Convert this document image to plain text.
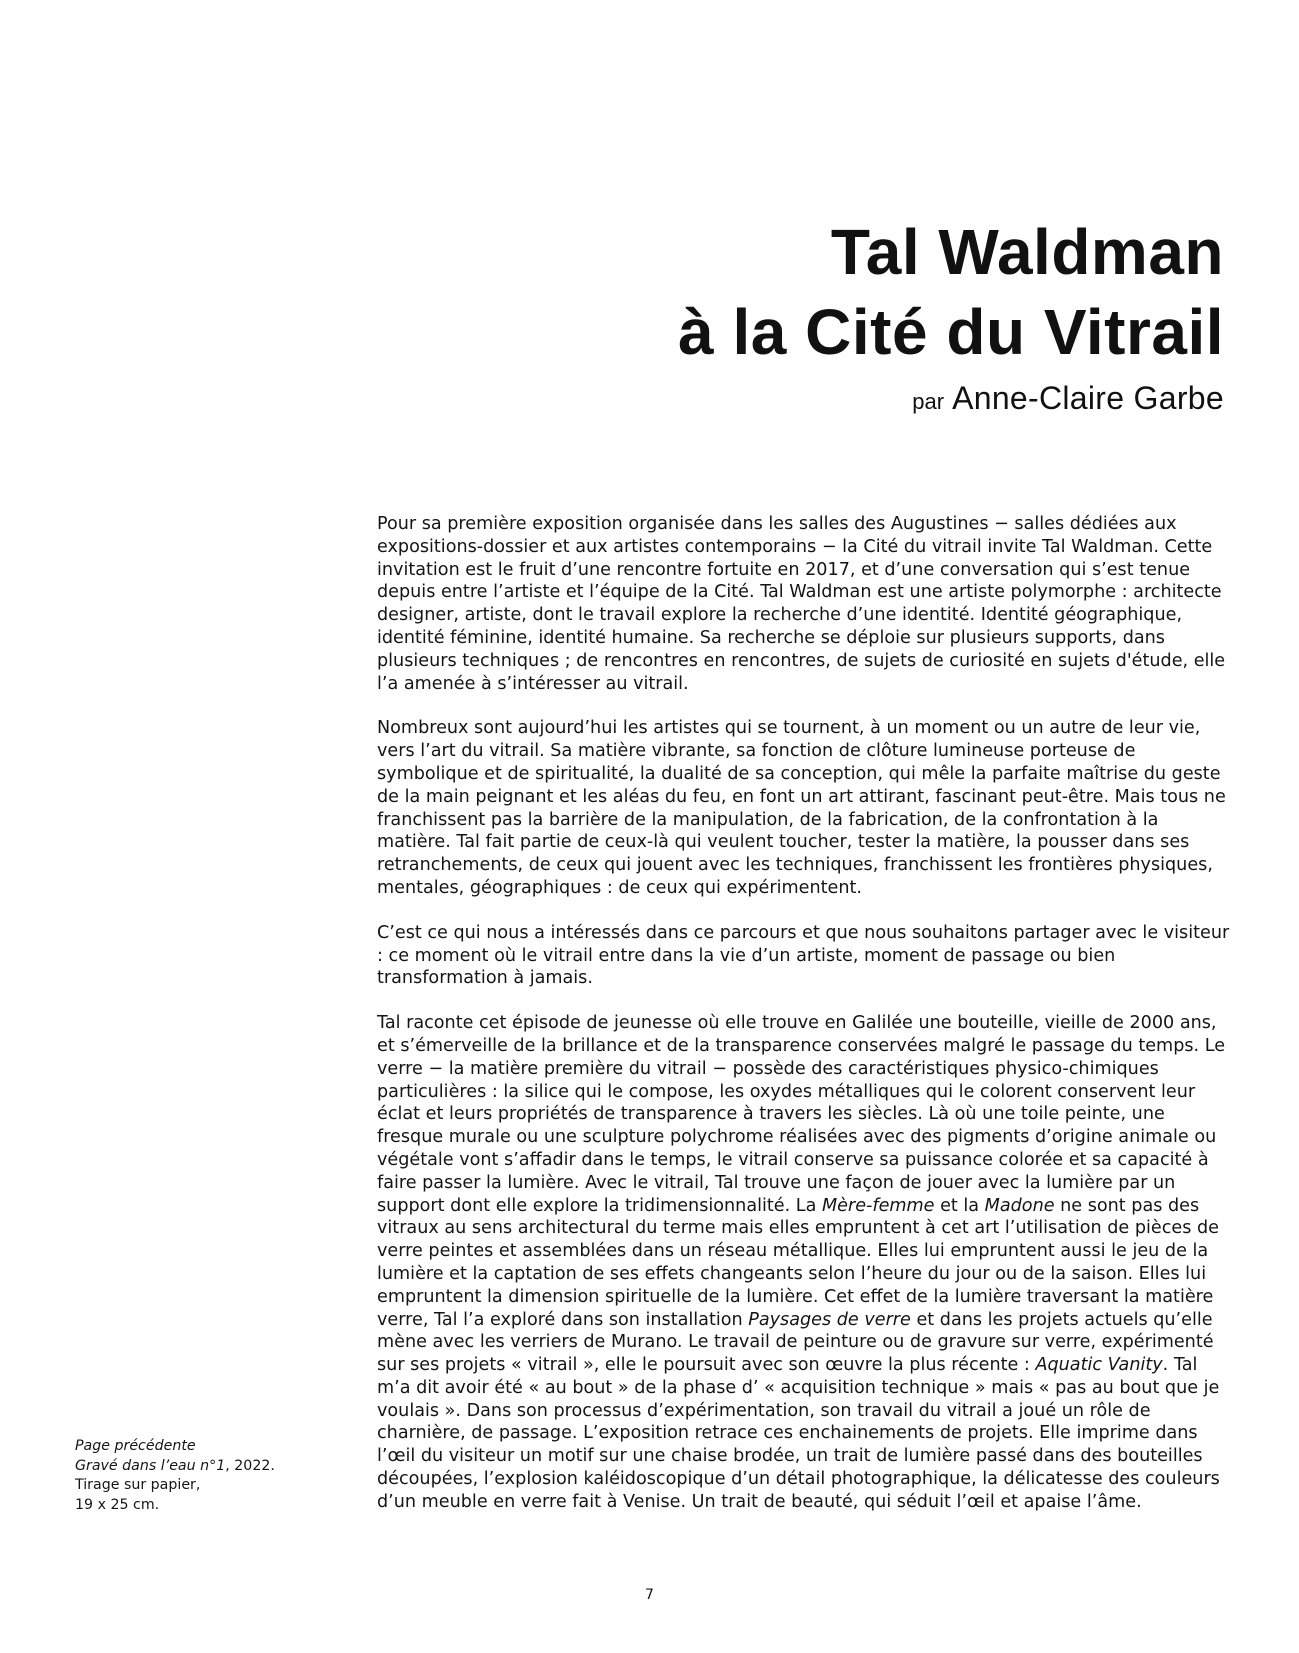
Tal Waldman
à la Cité du Vitrail
par Anne-Claire Garbe

Pour sa première exposition organisée dans les salles des Augustines − salles dédiées aux expositions-dossier et aux artistes contemporains − la Cité du vitrail invite Tal Waldman. Cette invitation est le fruit d’une rencontre fortuite en 2017, et d’une conversation qui s’est tenue depuis entre l’artiste et l’équipe de la Cité. Tal Waldman est une artiste polymorphe : architecte designer, artiste, dont le travail explore la recherche d’une identité. Identité géographique, identité féminine, identité humaine. Sa recherche se déploie sur plusieurs supports, dans plusieurs techniques ; de rencontres en rencontres, de sujets de curiosité en sujets d'étude, elle l’a amenée à s’intéresser au vitrail.

Nombreux sont aujourd’hui les artistes qui se tournent, à un moment ou un autre de leur vie, vers l’art du vitrail. Sa matière vibrante, sa fonction de clôture lumineuse porteuse de symbolique et de spiritualité, la dualité de sa conception, qui mêle la parfaite maîtrise du geste de la main peignant et les aléas du feu, en font un art attirant, fascinant peut-être. Mais tous ne franchissent pas la barrière de la manipulation, de la fabrication, de la confrontation à la matière. Tal fait partie de ceux-là qui veulent toucher, tester la matière, la pousser dans ses retranchements, de ceux qui jouent avec les techniques, franchissent les frontières physiques, mentales, géographiques : de ceux qui expérimentent.

C’est ce qui nous a intéressés dans ce parcours et que nous souhaitons partager avec le visiteur : ce moment où le vitrail entre dans la vie d’un artiste, moment de passage ou bien transformation à jamais.

Tal raconte cet épisode de jeunesse où elle trouve en Galilée une bouteille, vieille de 2000 ans, et s’émerveille de la brillance et de la transparence conservées malgré le passage du temps. Le verre − la matière première du vitrail − possède des caractéristiques physico-chimiques particulières : la silice qui le compose, les oxydes métalliques qui le colorent conservent leur éclat et leurs propriétés de transparence à travers les siècles. Là où une toile peinte, une fresque murale ou une sculpture polychrome réalisées avec des pigments d’origine animale ou végétale vont s’affadir dans le temps, le vitrail conserve sa puissance colorée et sa capacité à faire passer la lumière. Avec le vitrail, Tal trouve une façon de jouer avec la lumière par un support dont elle explore la tridimensionnalité. La Mère-femme et la Madone ne sont pas des vitraux au sens architectural du terme mais elles empruntent à cet art l’utilisation de pièces de verre peintes et assemblées dans un réseau métallique. Elles lui empruntent aussi le jeu de la lumière et la captation de ses effets changeants selon l’heure du jour ou de la saison. Elles lui empruntent la dimension spirituelle de la lumière. Cet effet de la lumière traversant la matière verre, Tal l’a exploré dans son installation Paysages de verre et dans les projets actuels qu’elle mène avec les verriers de Murano. Le travail de peinture ou de gravure sur verre, expérimenté sur ses projets « vitrail », elle le poursuit avec son œuvre la plus récente : Aquatic Vanity. Tal m’a dit avoir été « au bout » de la phase d’ « acquisition technique » mais « pas au bout que je voulais ». Dans son processus d’expérimentation, son travail du vitrail a joué un rôle de charnière, de passage. L’exposition retrace ces enchainements de projets. Elle imprime dans l’œil du visiteur un motif sur une chaise brodée, un trait de lumière passé dans des bouteilles découpées, l’explosion kaléidoscopique d’un détail photographique, la délicatesse des couleurs d’un meuble en verre fait à Venise. Un trait de beauté, qui séduit l’œil et apaise l’âme.

Page précédente
Gravé dans l’eau n°1, 2022.
Tirage sur papier,
19 x 25 cm.
7
